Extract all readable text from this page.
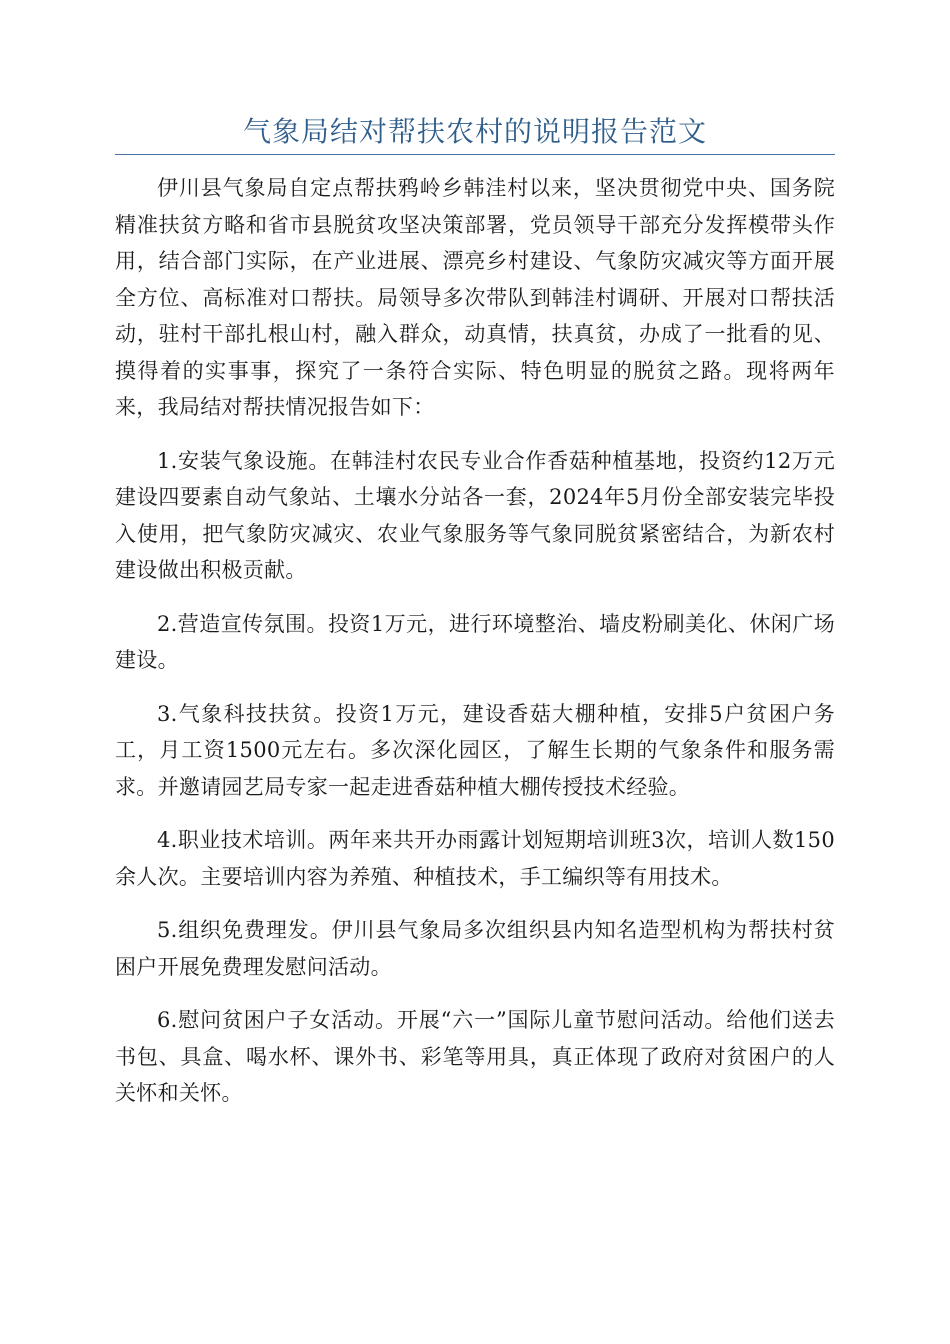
气象局结对帮扶农村的说明报告范文

伊川县气象局自定点帮扶鸦岭乡韩洼村以来，坚决贯彻党中央、国务院精准扶贫方略和省市县脱贫攻坚决策部署，党员领导干部充分发挥模带头作用，结合部门实际，在产业进展、漂亮乡村建设、气象防灾减灾等方面开展全方位、高标准对口帮扶。局领导多次带队到韩洼村调研、开展对口帮扶活动，驻村干部扎根山村，融入群众，动真情，扶真贫，办成了一批看的见、摸得着的实事事，探究了一条符合实际、特色明显的脱贫之路。现将两年来，我局结对帮扶情况报告如下：

1.安装气象设施。在韩洼村农民专业合作香菇种植基地，投资约12万元建设四要素自动气象站、土壤水分站各一套，2024年5月份全部安装完毕投入使用，把气象防灾减灾、农业气象服务等气象同脱贫紧密结合，为新农村建设做出积极贡献。

2.营造宣传氛围。投资1万元，进行环境整治、墙皮粉刷美化、休闲广场建设。

3.气象科技扶贫。投资1万元，建设香菇大棚种植，安排5户贫困户务工，月工资1500元左右。多次深化园区，了解生长期的气象条件和服务需求。并邀请园艺局专家一起走进香菇种植大棚传授技术经验。

4.职业技术培训。两年来共开办雨露计划短期培训班3次，培训人数150余人次。主要培训内容为养殖、种植技术，手工编织等有用技术。

5.组织免费理发。伊川县气象局多次组织县内知名造型机构为帮扶村贫困户开展免费理发慰问活动。

6.慰问贫困户子女活动。开展“六一”国际儿童节慰问活动。给他们送去书包、具盒、喝水杯、课外书、彩笔等用具，真正体现了政府对贫困户的人关怀和关怀。
